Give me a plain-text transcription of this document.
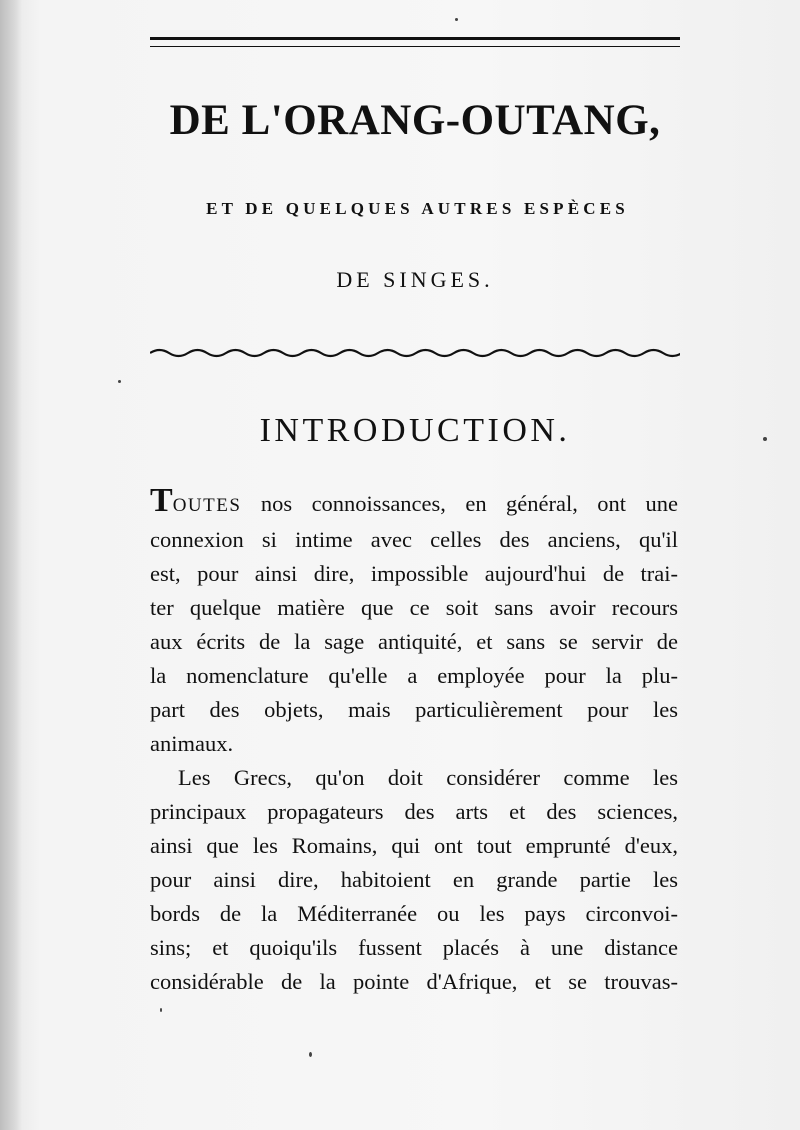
DE L'ORANG-OUTANG,
ET DE QUELQUES AUTRES ESPÈCES
DE SINGES.
INTRODUCTION.
TOUTES nos connoissances, en général, ont une
connexion si intime avec celles des anciens, qu'il
est, pour ainsi dire, impossible aujourd'hui de trai-
ter quelque matière que ce soit sans avoir recours
aux écrits de la sage antiquité, et sans se servir de
la nomenclature qu'elle a employée pour la plu-
part des objets, mais particulièrement pour les
animaux.
Les Grecs, qu'on doit considérer comme les
principaux propagateurs des arts et des sciences,
ainsi que les Romains, qui ont tout emprunté d'eux,
pour ainsi dire, habitoient en grande partie les
bords de la Méditerranée ou les pays circonvoi-
sins; et quoiqu'ils fussent placés à une distance
considérable de la pointe d'Afrique, et se trouvas-
